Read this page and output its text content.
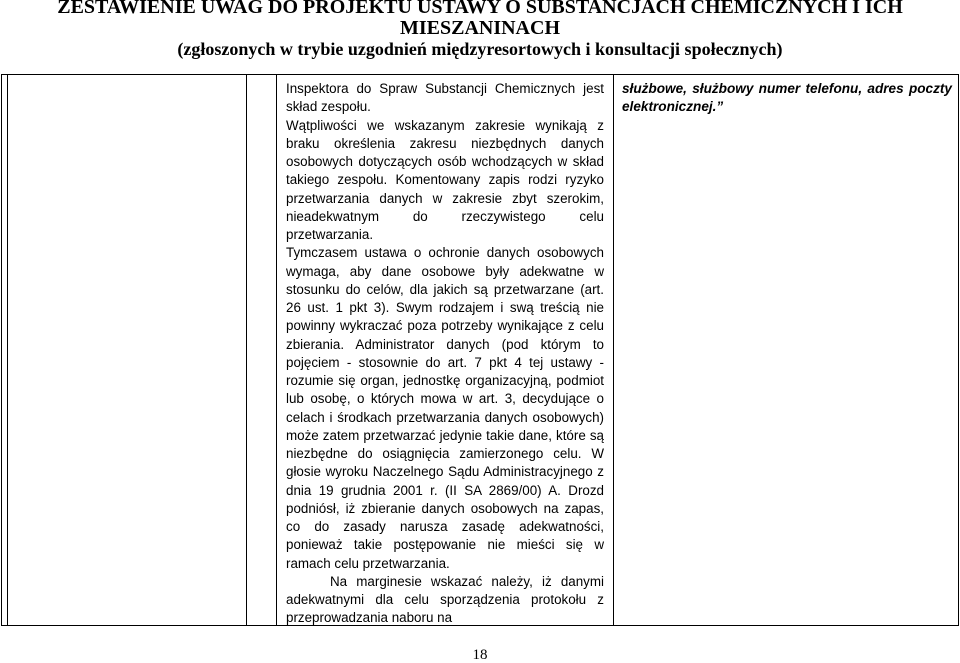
ZESTAWIENIE UWAG DO PROJEKTU USTAWY O SUBSTANCJACH CHEMICZNYCH I ICH
MIESZANINACH
(zgłoszonych w trybie uzgodnień międzyresortowych i konsultacji społecznych)

Inspektora do Spraw Substancji Chemicznych jest skład zespołu.

Wątpliwości we wskazanym zakresie wynikają z braku określenia zakresu niezbędnych danych osobowych dotyczących osób wchodzących w skład takiego zespołu. Komentowany zapis rodzi ryzyko przetwarzania danych w zakresie zbyt szerokim, nieadekwatnym do rzeczywistego celu przetwarzania.

Tymczasem ustawa o ochronie danych osobowych wymaga, aby dane osobowe były adekwatne w stosunku do celów, dla jakich są przetwarzane (art. 26 ust. 1 pkt 3). Swym rodzajem i swą treścią nie powinny wykraczać poza potrzeby wynikające z celu zbierania. Administrator danych (pod którym to pojęciem - stosownie do art. 7 pkt 4 tej ustawy - rozumie się organ, jednostkę organizacyjną, podmiot lub osobę, o których mowa w art. 3, decydujące o celach i środkach przetwarzania danych osobowych) może zatem przetwarzać jedynie takie dane, które są niezbędne do osiągnięcia zamierzonego celu. W głosie wyroku Naczelnego Sądu Administracyjnego z dnia 19 grudnia 2001 r. (II SA 2869/00) A. Drozd podniósł, iż zbieranie danych osobowych na zapas, co do zasady narusza zasadę adekwatności, ponieważ takie postępowanie nie mieści się w ramach celu przetwarzania.

Na marginesie wskazać należy, iż danymi adekwatnymi dla celu sporządzenia protokołu z przeprowadzania naboru na

służbowe, służbowy numer telefonu, adres poczty elektronicznej.”
18
